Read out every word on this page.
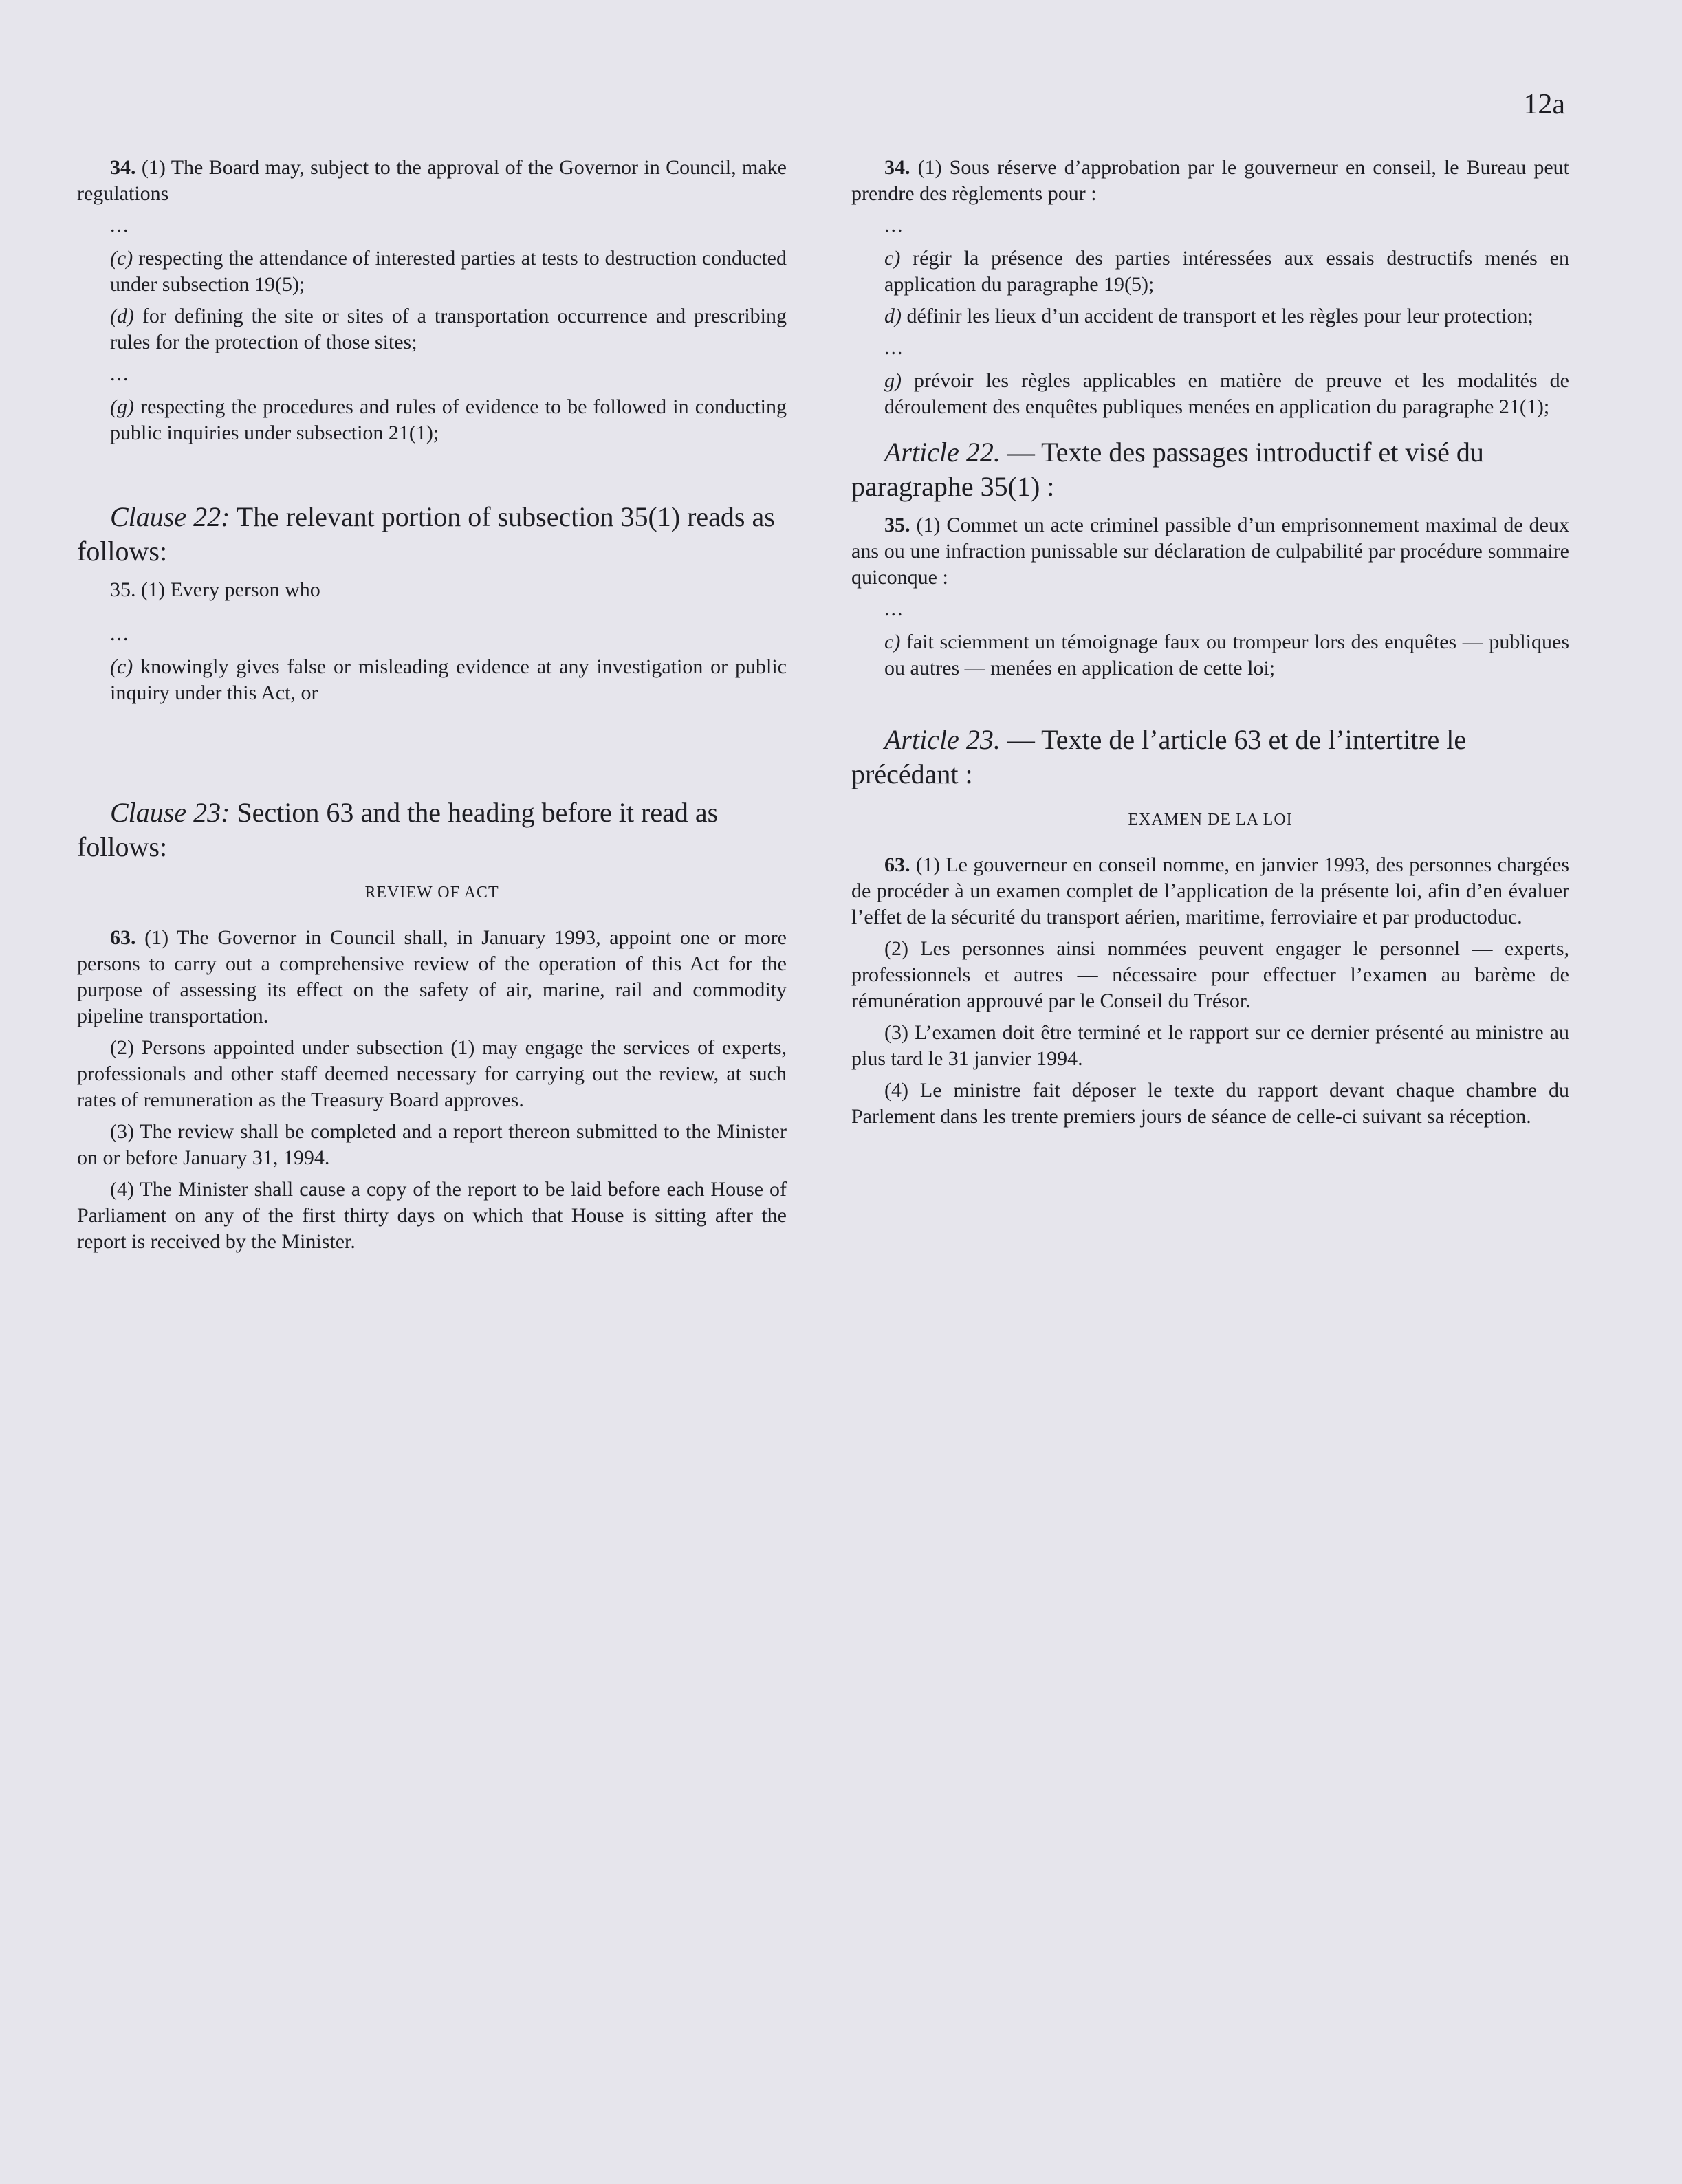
12a

34. (1) The Board may, subject to the approval of the Governor in Council, make regulations

...

(c) respecting the attendance of interested parties at tests to destruction conducted under subsection 19(5);

(d) for defining the site or sites of a transportation occurrence and prescribing rules for the protection of those sites;

...

(g) respecting the procedures and rules of evidence to be followed in conducting public inquiries under subsection 21(1);

Clause 22: The relevant portion of subsection 35(1) reads as follows:

35. (1) Every person who

...

(c) knowingly gives false or misleading evidence at any investigation or public inquiry under this Act, or

Clause 23: Section 63 and the heading before it read as follows:

REVIEW OF ACT

63. (1) The Governor in Council shall, in January 1993, appoint one or more persons to carry out a comprehensive review of the operation of this Act for the purpose of assessing its effect on the safety of air, marine, rail and commodity pipeline transportation.

(2) Persons appointed under subsection (1) may engage the services of experts, professionals and other staff deemed necessary for carrying out the review, at such rates of remuneration as the Treasury Board approves.

(3) The review shall be completed and a report thereon submitted to the Minister on or before January 31, 1994.

(4) The Minister shall cause a copy of the report to be laid before each House of Parliament on any of the first thirty days on which that House is sitting after the report is received by the Minister.

34. (1) Sous réserve d’approbation par le gouverneur en conseil, le Bureau peut prendre des règlements pour :

...

c) régir la présence des parties intéressées aux essais destructifs menés en application du paragraphe 19(5);

d) définir les lieux d’un accident de transport et les règles pour leur protection;

...

g) prévoir les règles applicables en matière de preuve et les modalités de déroulement des enquêtes publiques menées en application du paragraphe 21(1);

Article 22. — Texte des passages introductif et visé du paragraphe 35(1) :

35. (1) Commet un acte criminel passible d’un emprisonnement maximal de deux ans ou une infraction punissable sur déclaration de culpabilité par procédure sommaire quiconque :

...

c) fait sciemment un témoignage faux ou trompeur lors des enquêtes — publiques ou autres — menées en application de cette loi;

Article 23. — Texte de l’article 63 et de l’intertitre le précédant :

EXAMEN DE LA LOI

63. (1) Le gouverneur en conseil nomme, en janvier 1993, des personnes chargées de procéder à un examen complet de l’application de la présente loi, afin d’en évaluer l’effet de la sécurité du transport aérien, maritime, ferroviaire et par productoduc.

(2) Les personnes ainsi nommées peuvent engager le personnel — experts, professionnels et autres — nécessaire pour effectuer l’examen au barème de rémunération approuvé par le Conseil du Trésor.

(3) L’examen doit être terminé et le rapport sur ce dernier présenté au ministre au plus tard le 31 janvier 1994.

(4) Le ministre fait déposer le texte du rapport devant chaque chambre du Parlement dans les trente premiers jours de séance de celle-ci suivant sa réception.
